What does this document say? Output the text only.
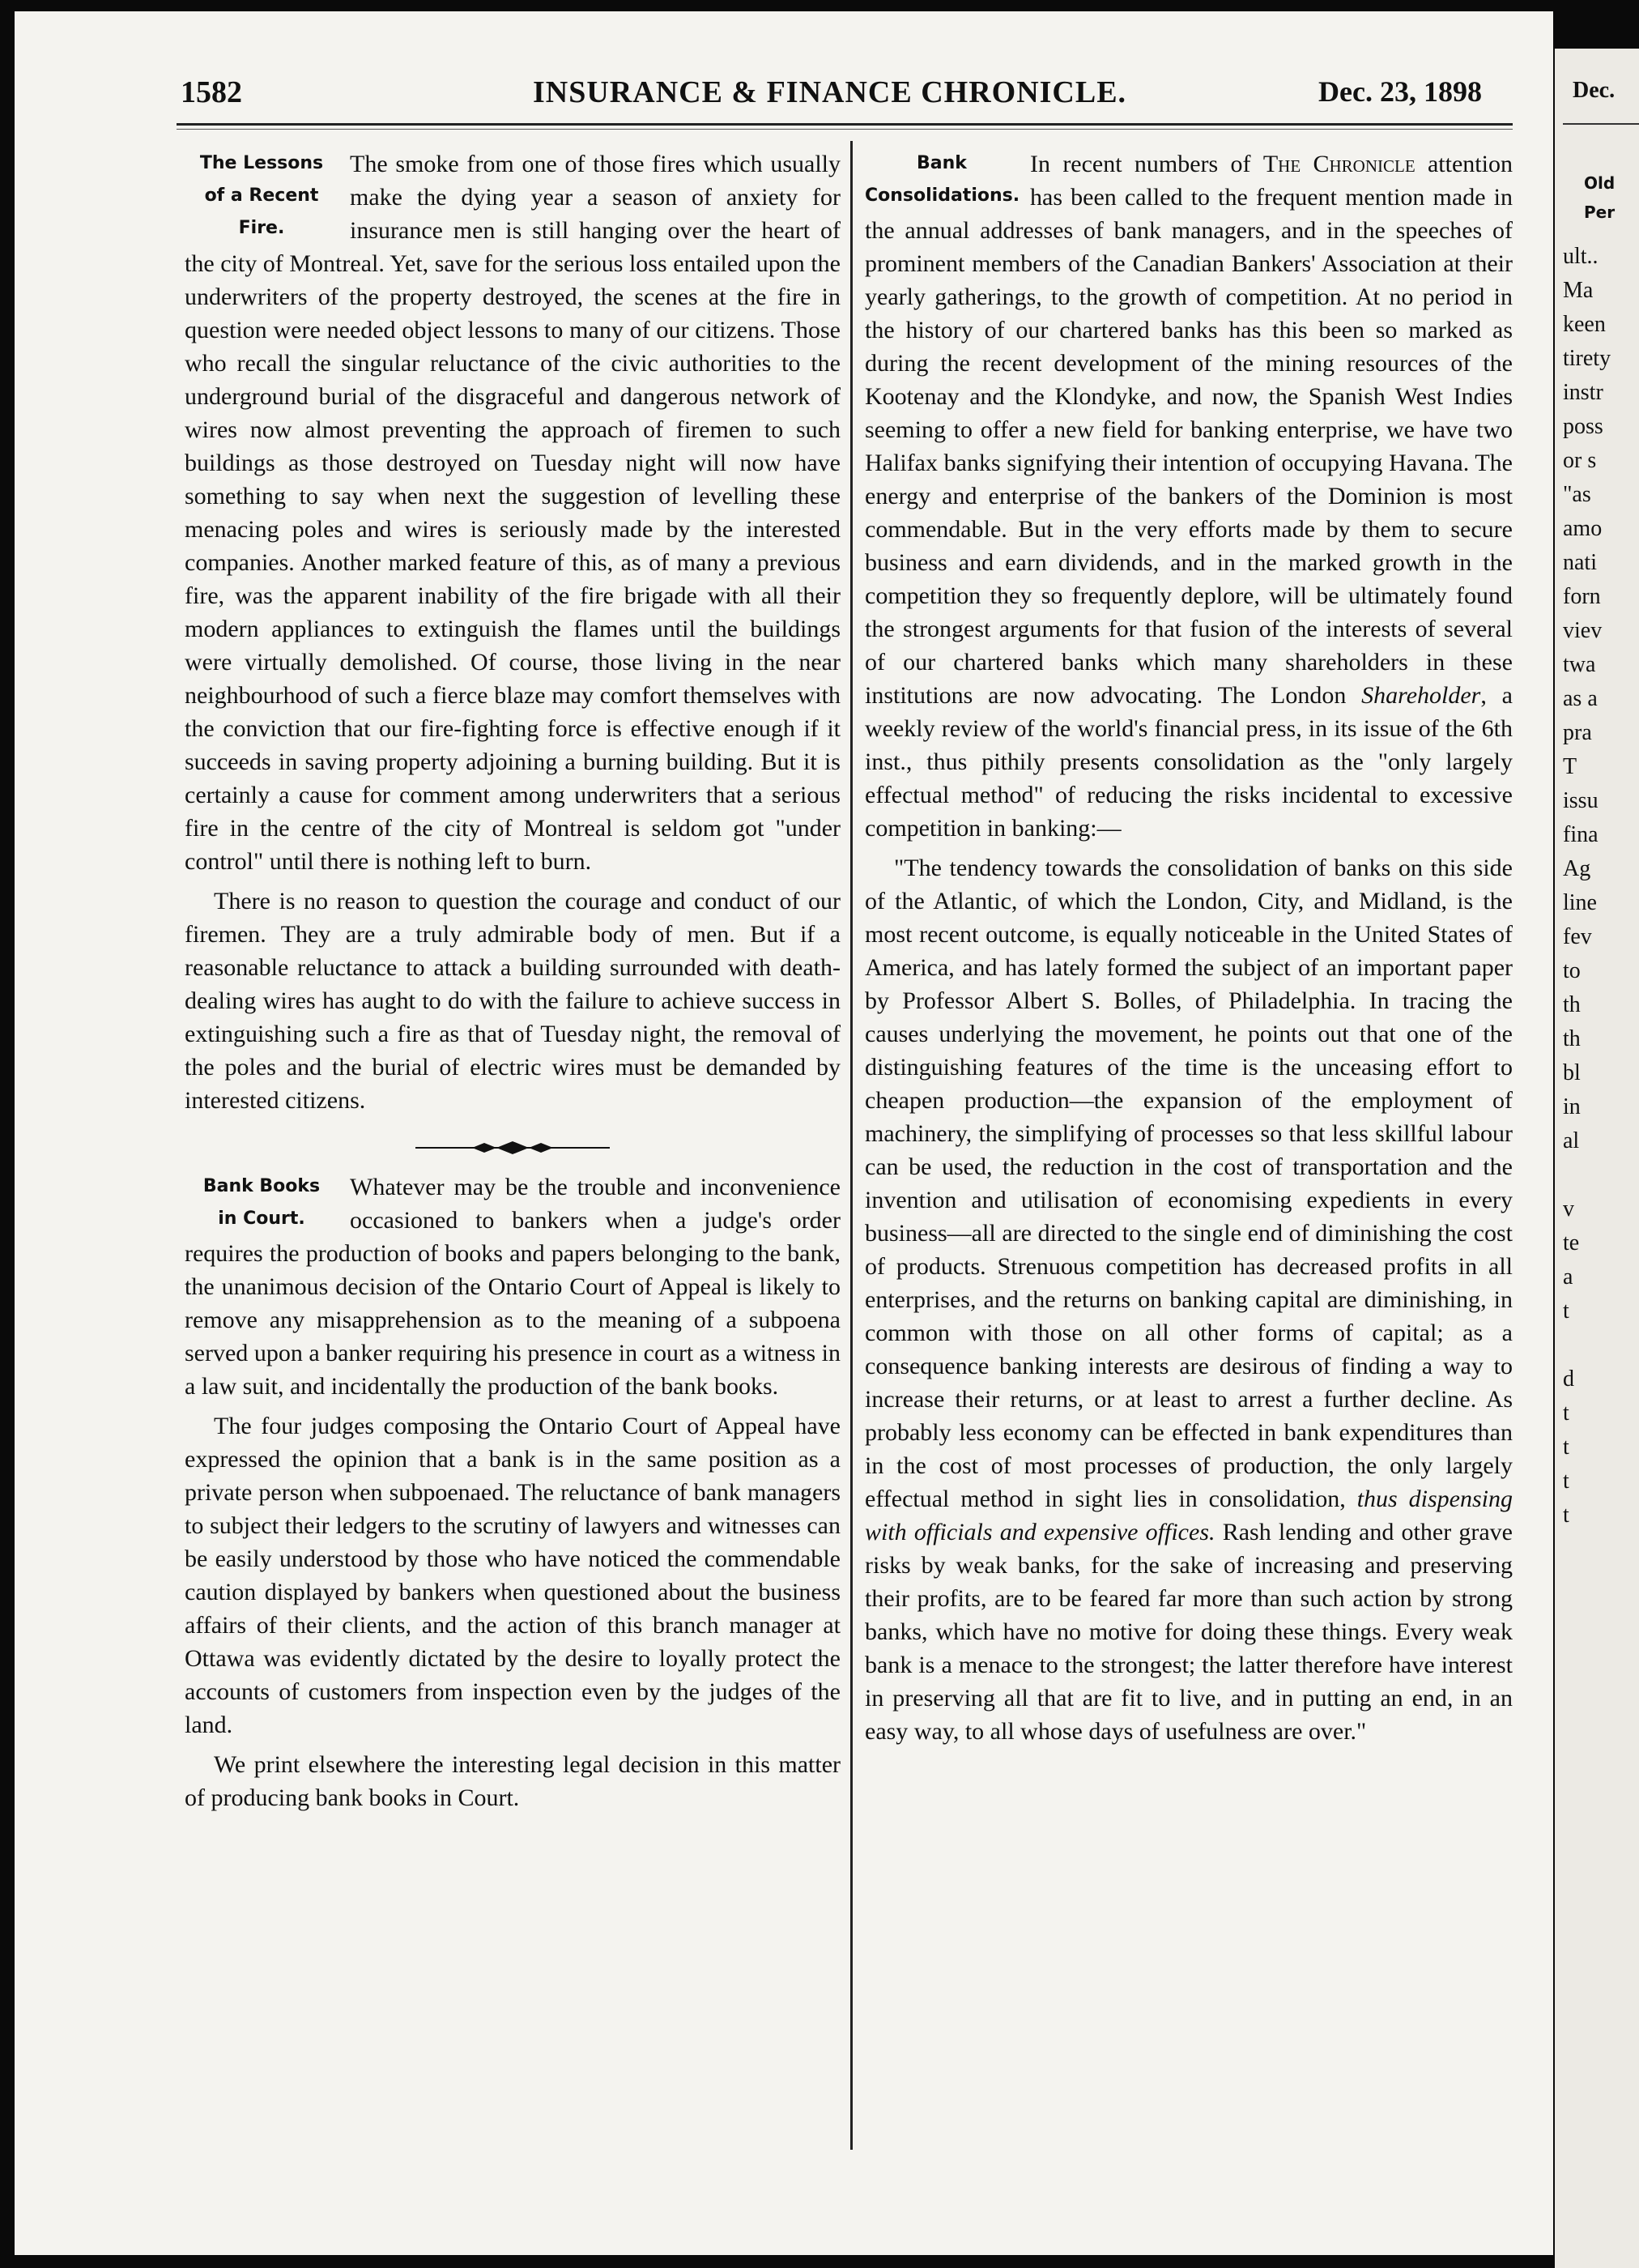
1582	INSURANCE & FINANCE CHRONICLE.	Dec. 23, 1898
The Lessons
of a Recent
Fire.

The smoke from one of those fires which usually make the dying year a season of anxiety for insurance men is still hanging over the heart of the city of Montreal. Yet, save for the serious loss entailed upon the underwriters of the property destroyed, the scenes at the fire in question were needed object lessons to many of our citizens. Those who recall the singular reluctance of the civic authorities to the underground burial of the disgraceful and dangerous network of wires now almost preventing the approach of firemen to such buildings as those destroyed on Tuesday night will now have something to say when next the suggestion of levelling these menacing poles and wires is seriously made by the interested companies. Another marked feature of this, as of many a previous fire, was the apparent inability of the fire brigade with all their modern appliances to extinguish the flames until the buildings were virtually demolished. Of course, those living in the near neighbourhood of such a fierce blaze may comfort themselves with the conviction that our fire-fighting force is effective enough if it succeeds in saving property adjoining a burning building. But it is certainly a cause for comment among underwriters that a serious fire in the centre of the city of Montreal is seldom got "under control" until there is nothing left to burn.

There is no reason to question the courage and conduct of our firemen. They are a truly admirable body of men. But if a reasonable reluctance to attack a building surrounded with death-dealing wires has aught to do with the failure to achieve success in extinguishing such a fire as that of Tuesday night, the removal of the poles and the burial of electric wires must be demanded by interested citizens.

Bank Books
in Court.

Whatever may be the trouble and inconvenience occasioned to bankers when a judge's order requires the production of books and papers belonging to the bank, the unanimous decision of the Ontario Court of Appeal is likely to remove any misapprehension as to the meaning of a subpoena served upon a banker requiring his presence in court as a witness in a law suit, and incidentally the production of the bank books.

The four judges composing the Ontario Court of Appeal have expressed the opinion that a bank is in the same position as a private person when subpoenaed. The reluctance of bank managers to subject their ledgers to the scrutiny of lawyers and witnesses can be easily understood by those who have noticed the commendable caution displayed by bankers when questioned about the business affairs of their clients, and the action of this branch manager at Ottawa was evidently dictated by the desire to loyally protect the accounts of customers from inspection even by the judges of the land.

We print elsewhere the interesting legal decision in this matter of producing bank books in Court.

Bank
Consolidations.

In recent numbers of The Chronicle attention has been called to the frequent mention made in the annual addresses of bank managers, and in the speeches of prominent members of the Canadian Bankers' Association at their yearly gatherings, to the growth of competition. At no period in the history of our chartered banks has this been so marked as during the recent development of the mining resources of the Kootenay and the Klondyke, and now, the Spanish West Indies seeming to offer a new field for banking enterprise, we have two Halifax banks signifying their intention of occupying Havana. The energy and enterprise of the bankers of the Dominion is most commendable. But in the very efforts made by them to secure business and earn dividends, and in the marked growth in the competition they so frequently deplore, will be ultimately found the strongest arguments for that fusion of the interests of several of our chartered banks which many shareholders in these institutions are now advocating. The London Shareholder, a weekly review of the world's financial press, in its issue of the 6th inst., thus pithily presents consolidation as the "only largely effectual method" of reducing the risks incidental to excessive competition in banking:—

"The tendency towards the consolidation of banks on this side of the Atlantic, of which the London, City, and Midland, is the most recent outcome, is equally noticeable in the United States of America, and has lately formed the subject of an important paper by Professor Albert S. Bolles, of Philadelphia. In tracing the causes underlying the movement, he points out that one of the distinguishing features of the time is the unceasing effort to cheapen production—the expansion of the employment of machinery, the simplifying of processes so that less skillful labour can be used, the reduction in the cost of transportation and the invention and utilisation of economising expedients in every business—all are directed to the single end of diminishing the cost of products. Strenuous competition has decreased profits in all enterprises, and the returns on banking capital are diminishing, in common with those on all other forms of capital; as a consequence banking interests are desirous of finding a way to increase their returns, or at least to arrest a further decline. As probably less economy can be effected in bank expenditures than in the cost of most processes of production, the only largely effectual method in sight lies in consolidation, thus dispensing with officials and expensive offices. Rash lending and other grave risks by weak banks, for the sake of increasing and preserving their profits, are to be feared far more than such action by strong banks, which have no motive for doing these things. Every weak bank is a menace to the strongest; the latter therefore have interest in preserving all that are fit to live, and in putting an end, in an easy way, to all whose days of usefulness are over."

Dec.
Old
Per
ult..
Ma
keen
tirety
instr
poss
or s
"as
amo
nati
forn
viev
twa
as a
pra
T
issu
fina
Ag
line
fev
to
th
th
bl
in
al
v
te
a
t
d
t
t
t
t
